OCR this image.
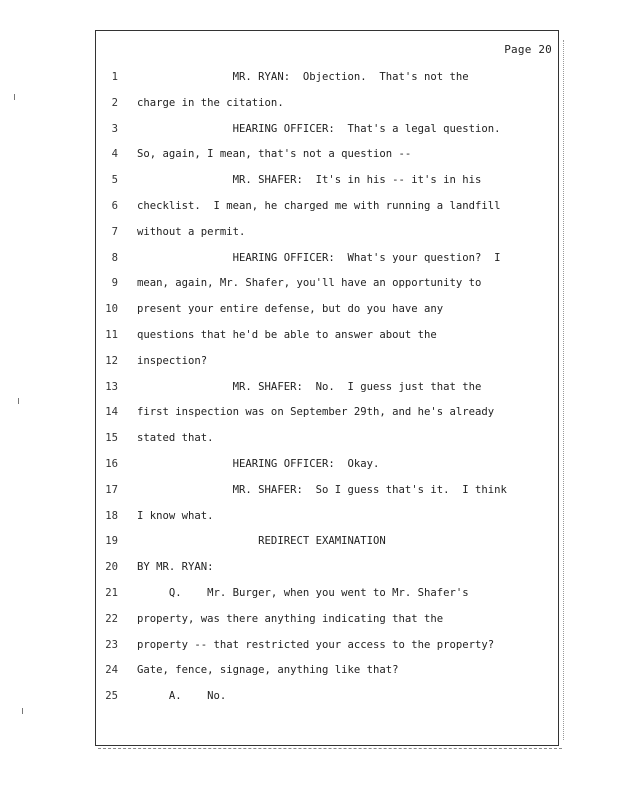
Page 20
1 MR. RYAN:  Objection.  That's not the
2 charge in the citation.
3 HEARING OFFICER:  That's a legal question.
4 So, again, I mean, that's not a question --
5 MR. SHAFER:  It's in his -- it's in his
6 checklist.  I mean, he charged me with running a landfill
7 without a permit.
8 HEARING OFFICER:  What's your question?  I
9 mean, again, Mr. Shafer, you'll have an opportunity to
10 present your entire defense, but do you have any
11 questions that he'd be able to answer about the
12 inspection?
13 MR. SHAFER:  No.  I guess just that the
14 first inspection was on September 29th, and he's already
15 stated that.
16 HEARING OFFICER:  Okay.
17 MR. SHAFER:  So I guess that's it.  I think
18 I know what.
19 REDIRECT EXAMINATION
20 BY MR. RYAN:
21 Q.    Mr. Burger, when you went to Mr. Shafer's
22 property, was there anything indicating that the
23 property -- that restricted your access to the property?
24 Gate, fence, signage, anything like that?
25 A.    No.
